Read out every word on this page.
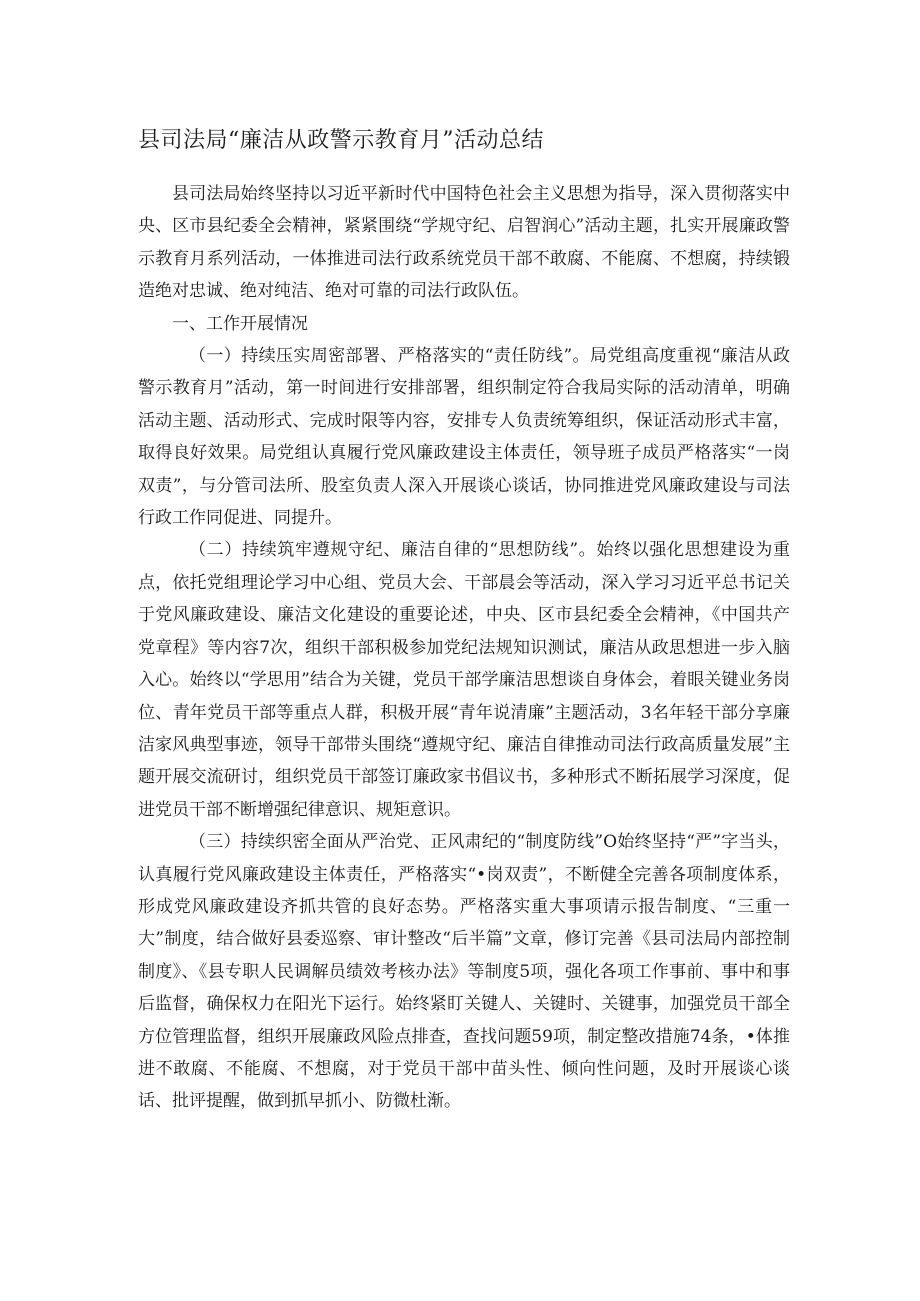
县司法局“廉洁从政警示教育月”活动总结

县司法局始终坚持以习近平新时代中国特色社会主义思想为指导，深入贯彻落实中央、区市县纪委全会精神，紧紧围绕“学规守纪、启智润心”活动主题，扎实开展廉政警示教育月系列活动，一体推进司法行政系统党员干部不敢腐、不能腐、不想腐，持续锻造绝对忠诚、绝对纯洁、绝对可靠的司法行政队伍。

一、工作开展情况

（一）持续压实周密部署、严格落实的“责任防线”。局党组高度重视“廉洁从政警示教育月”活动，第一时间进行安排部署，组织制定符合我局实际的活动清单，明确活动主题、活动形式、完成时限等内容，安排专人负责统筹组织，保证活动形式丰富，取得良好效果。局党组认真履行党风廉政建设主体责任，领导班子成员严格落实“一岗双责”，与分管司法所、股室负责人深入开展谈心谈话，协同推进党风廉政建设与司法行政工作同促进、同提升。

（二）持续筑牢遵规守纪、廉洁自律的“思想防线”。始终以强化思想建设为重点，依托党组理论学习中心组、党员大会、干部晨会等活动，深入学习习近平总书记关于党风廉政建设、廉洁文化建设的重要论述，中央、区市县纪委全会精神，《中国共产党章程》等内容7次，组织干部积极参加党纪法规知识测试，廉洁从政思想进一步入脑入心。始终以“学思用”结合为关键，党员干部学廉洁思想谈自身体会，着眼关键业务岗位、青年党员干部等重点人群，积极开展“青年说清廉”主题活动，3名年轻干部分享廉洁家风典型事迹，领导干部带头围绕“遵规守纪、廉洁自律推动司法行政高质量发展”主题开展交流研讨，组织党员干部签订廉政家书倡议书，多种形式不断拓展学习深度，促进党员干部不断增强纪律意识、规矩意识。

（三）持续织密全面从严治党、正风肃纪的“制度防线”O始终坚持“严”字当头，认真履行党风廉政建设主体责任，严格落实“•岗双责”，不断健全完善各项制度体系，形成党风廉政建设齐抓共管的良好态势。严格落实重大事项请示报告制度、“三重一大”制度，结合做好县委巡察、审计整改“后半篇”文章，修订完善《县司法局内部控制制度》、《县专职人民调解员绩效考核办法》等制度5项，强化各项工作事前、事中和事后监督，确保权力在阳光下运行。始终紧盯关键人、关键时、关键事，加强党员干部全方位管理监督，组织开展廉政风险点排查，查找问题59项，制定整改措施74条，•体推进不敢腐、不能腐、不想腐，对于党员干部中苗头性、倾向性问题，及时开展谈心谈话、批评提醒，做到抓早抓小、防微杜渐。
